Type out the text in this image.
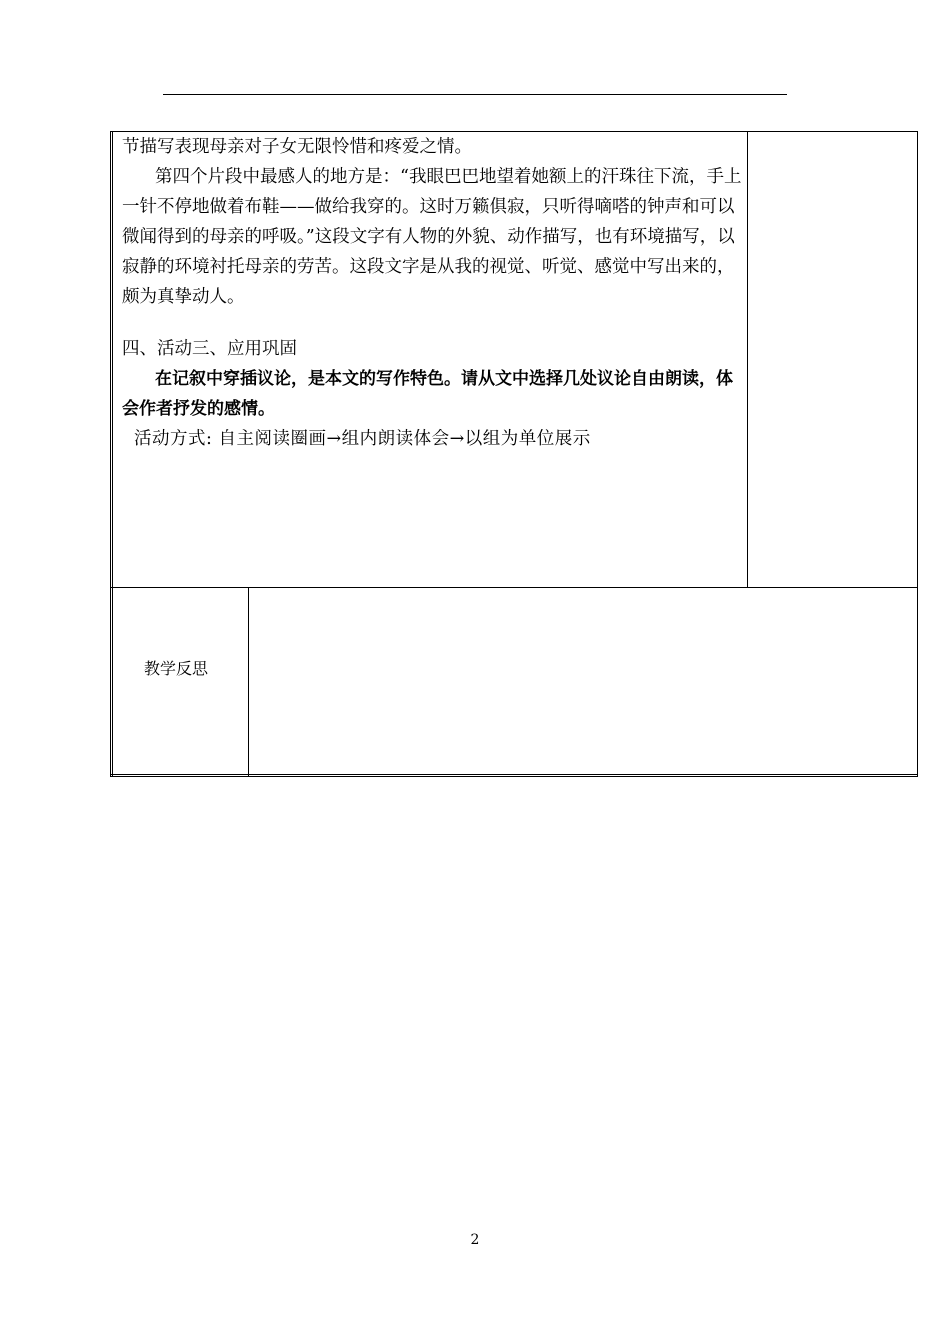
节描写表现母亲对子女无限怜惜和疼爱之情。

第四个片段中最感人的地方是：“我眼巴巴地望着她额上的汗珠往下流，手上一针不停地做着布鞋——做给我穿的。这时万籁俱寂，只听得嘀嗒的钟声和可以微闻得到的母亲的呼吸。”这段文字有人物的外貌、动作描写，也有环境描写，以寂静的环境衬托母亲的劳苦。这段文字是从我的视觉、听觉、感觉中写出来的，颇为真挚动人。

四、活动三、应用巩固

在记叙中穿插议论，是本文的写作特色。请从文中选择几处议论自由朗读，体会作者抒发的感情。

活动方式: 自主阅读圈画→组内朗读体会→以组为单位展示

教学反思
2
